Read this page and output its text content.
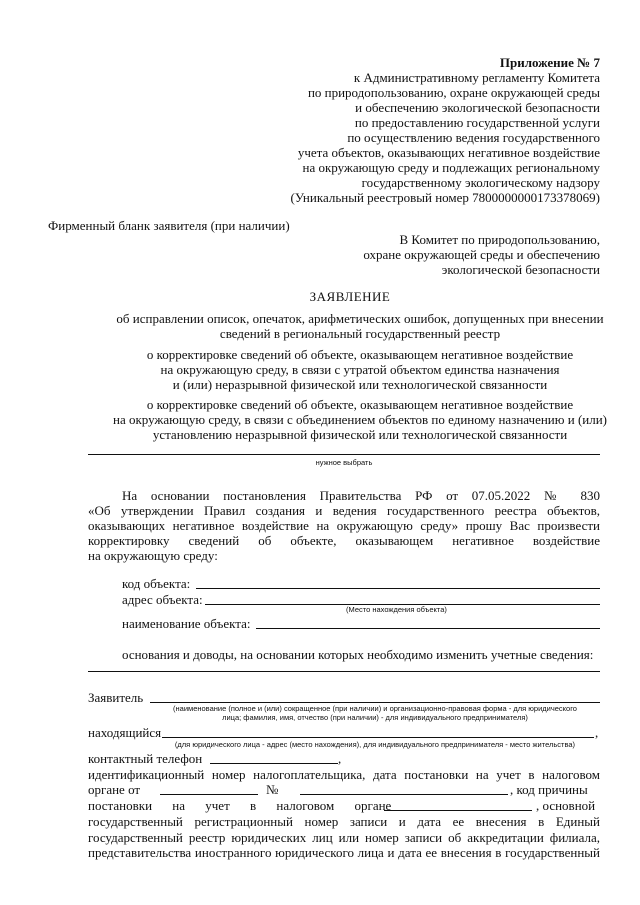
Приложение № 7
к Административному регламенту Комитета
по природопользованию, охране окружающей среды
и обеспечению экологической безопасности
по предоставлению государственной услуги
по осуществлению ведения государственного
учета объектов, оказывающих негативное воздействие
на окружающую среду и подлежащих региональному
государственному экологическому надзору
(Уникальный реестровый номер 7800000000173378069)
Фирменный бланк заявителя (при наличии)
В Комитет по природопользованию,
охране окружающей среды и обеспечению
экологической безопасности
ЗАЯВЛЕНИЕ
об исправлении описок, опечаток, арифметических ошибок, допущенных при внесении
сведений в региональный государственный реестр
о корректировке сведений об объекте, оказывающем негативное воздействие
на окружающую среду, в связи с утратой объектом единства назначения
и (или) неразрывной физической или технологической связанности
о корректировке сведений об объекте, оказывающем негативное воздействие
на окружающую среду, в связи с объединением объектов по единому назначению и (или)
установлению неразрывной физической или технологической связанности
нужное выбрать
На основании постановления Правительства РФ от 07.05.2022 № 830
«Об утверждении Правил создания и ведения государственного реестра объектов,
оказывающих негативное воздействие на окружающую среду» прошу Вас произвести
корректировку сведений об объекте, оказывающем негативное воздействие
на окружающую среду:
код объекта:
адрес объекта:
(Место нахождения объекта)
наименование объекта:
основания и доводы, на основании которых необходимо изменить учетные сведения:
Заявитель
(наименование (полное и (или) сокращенное (при наличии) и организационно-правовая форма - для юридического
лица; фамилия, имя, отчество (при наличии) - для индивидуального предпринимателя)
находящийся	,
(для юридического лица - адрес (место нахождения), для индивидуального предпринимателя - место жительства)
контактный телефон	,
идентификационный номер налогоплательщика, дата постановки на учет в налоговом
органе от	№	, код причины
постановки на учет в налоговом органе	, основной
государственный регистрационный номер записи и дата ее внесения в Единый
государственный реестр юридических лиц или номер записи об аккредитации филиала,
представительства иностранного юридического лица и дата ее внесения в государственный
